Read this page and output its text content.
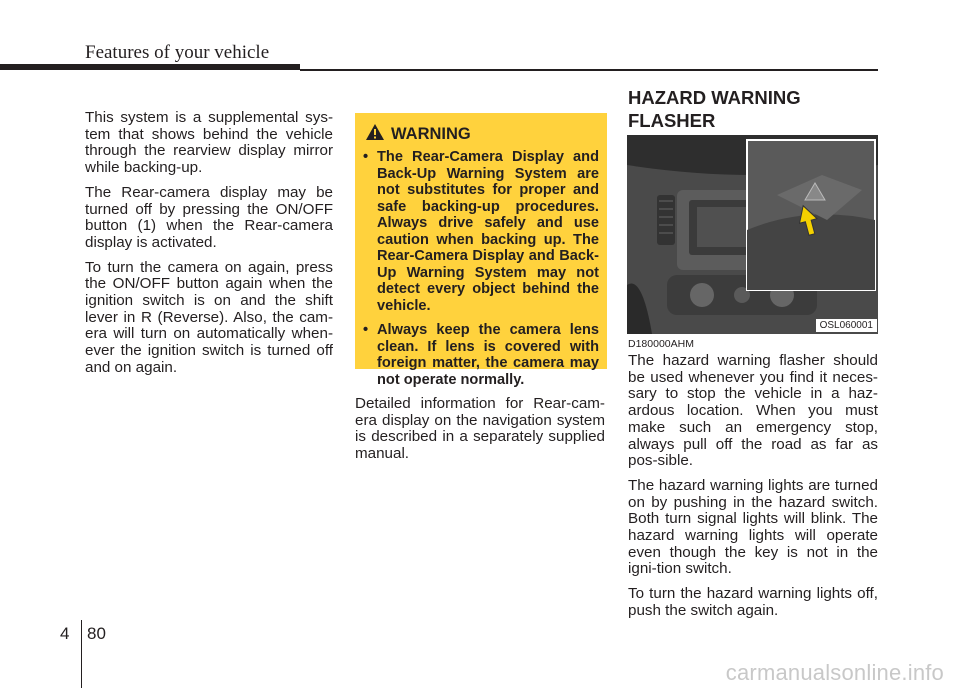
Features of your vehicle

This system is a supplemental sys-tem that shows behind the vehicle through the rearview display mirror while backing-up.

The Rear-camera display may be turned off by pressing the ON/OFF button (1) when the Rear-camera display is activated.

To turn the camera on again, press the ON/OFF button again when the ignition switch is on and the shift lever in R (Reverse). Also, the cam-era will turn on automatically when-ever the ignition switch is turned off and on again.

WARNING
• The Rear-Camera Display and Back-Up Warning System are not substitutes for proper and safe backing-up procedures. Always drive safely and use caution when backing up. The Rear-Camera Display and Back-Up Warning System may not detect every object behind the vehicle.
• Always keep the camera lens clean. If lens is covered with foreign matter, the camera may not operate normally.

Detailed information for Rear-cam-era display on the navigation system is described in a separately supplied manual.

HAZARD WARNING
FLASHER
OSL060001
D180000AHM

The hazard warning flasher should be used whenever you find it neces-sary to stop the vehicle in a haz-ardous location. When you must make such an emergency stop, always pull off the road as far as pos-sible.

The hazard warning lights are turned on by pushing in the hazard switch. Both turn signal lights will blink. The hazard warning lights will operate even though the key is not in the igni-tion switch.

To turn the hazard warning lights off, push the switch again.

4 80
carmanualsonline.info
